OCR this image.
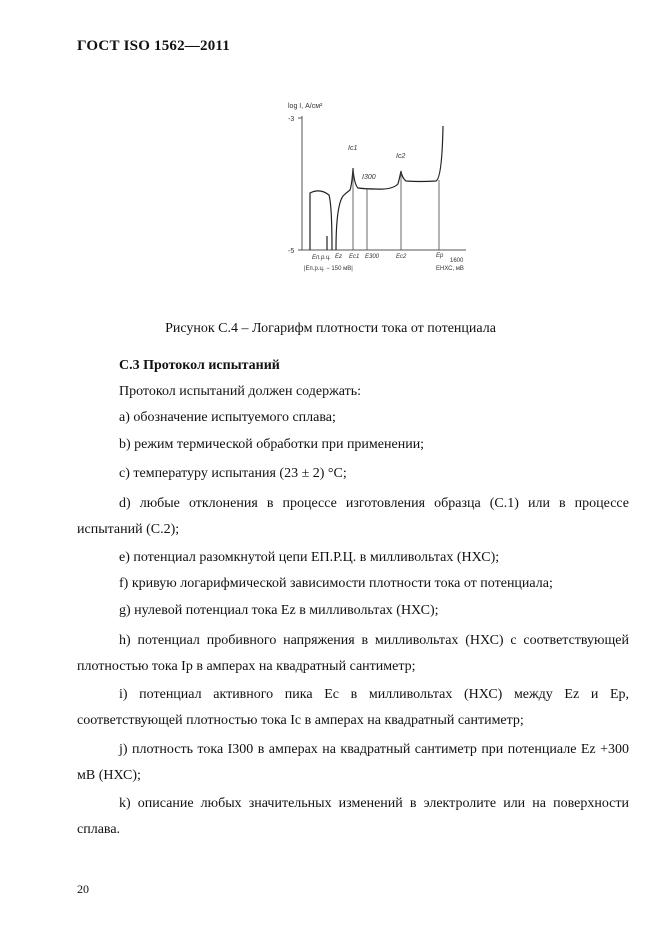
ГОСТ ISO 1562—2011
log I, А/см²
-3
-5
Ic1
Ic2
I300
Eп.р.ц. Ez Ec1 E300	Ec2	Ep
1600
EНХС, мВ
|Eп.р.ц. − 150 мВ|
Рисунок С.4 – Логарифм плотности тока от потенциала
С.3 Протокол испытаний
Протокол испытаний должен содержать:
a) обозначение испытуемого сплава;
b) режим термической обработки при применении;
c) температуру испытания (23 ± 2) °С;
d) любые отклонения в процессе изготовления образца (С.1) или в процессе испытаний (С.2);
e) потенциал разомкнутой цепи EП.Р.Ц. в милливольтах (НХС);
f) кривую логарифмической зависимости плотности тока от потенциала;
g) нулевой потенциал тока Ez в милливольтах (НХС);
h) потенциал пробивного напряжения в милливольтах (НХС) с соответствующей плотностью тока Ip в амперах на квадратный сантиметр;
i) потенциал активного пика Ec в милливольтах (НХС) между Ez и Ep, соответствующей плотностью тока Ic в амперах на квадратный сантиметр;
j) плотность тока I300 в амперах на квадратный сантиметр при потенциале Ez +300 мВ (НХС);
k) описание любых значительных изменений в электролите или на поверхности сплава.
20
